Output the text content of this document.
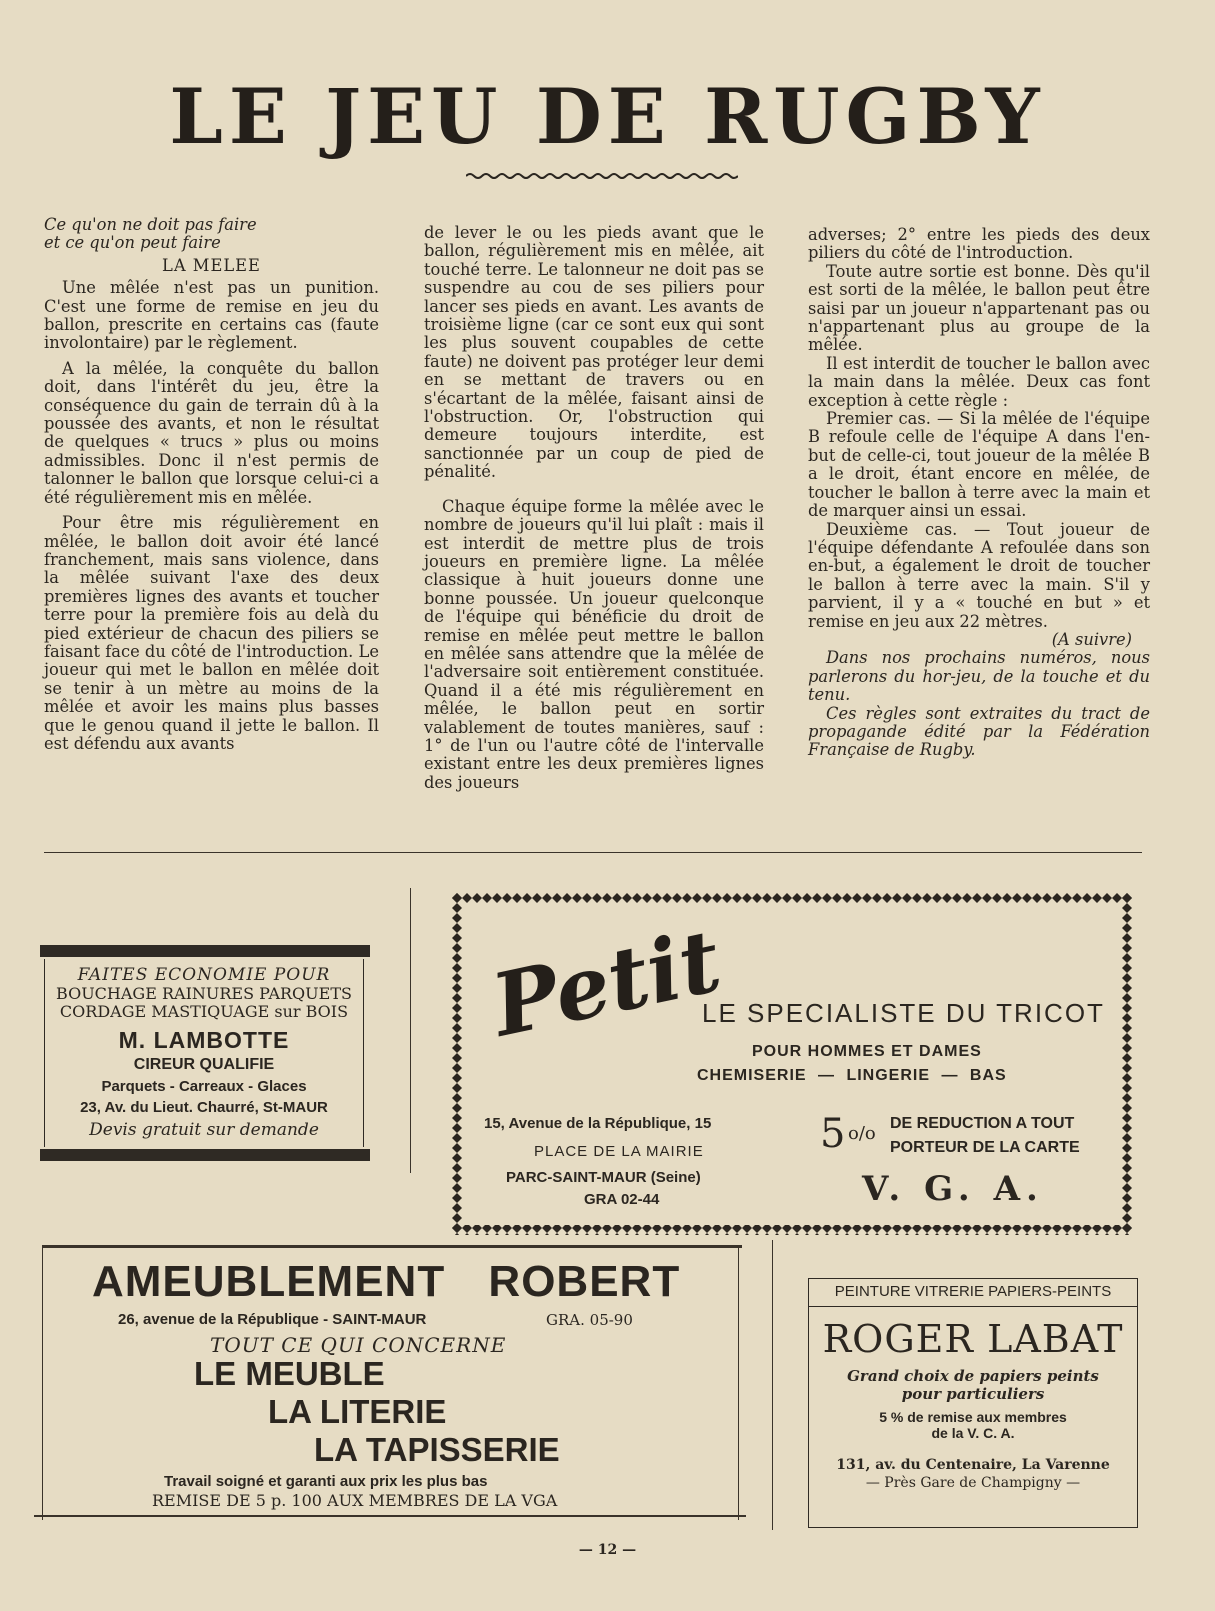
LE JEU DE RUGBY

Ce qu'on ne doit pas faire

et ce qu'on peut faire

LA MELEE

Une mêlée n'est pas un punition. C'est une forme de remise en jeu du ballon, prescrite en certains cas (faute involontaire) par le règlement.

A la mêlée, la conquête du ballon doit, dans l'intérêt du jeu, être la conséquence du gain de terrain dû à la poussée des avants, et non le résultat de quelques « trucs » plus ou moins admissibles. Donc il n'est permis de talonner le ballon que lorsque celui-ci a été régulièrement mis en mêlée.

Pour être mis régulièrement en mêlée, le ballon doit avoir été lancé franchement, mais sans violence, dans la mêlée suivant l'axe des deux premières lignes des avants et toucher terre pour la première fois au delà du pied extérieur de chacun des piliers se faisant face du côté de l'introduction. Le joueur qui met le ballon en mêlée doit se tenir à un mètre au moins de la mêlée et avoir les mains plus basses que le genou quand il jette le ballon. Il est défendu aux avants

de lever le ou les pieds avant que le ballon, régulièrement mis en mêlée, ait touché terre. Le talonneur ne doit pas se suspendre au cou de ses piliers pour lancer ses pieds en avant. Les avants de troisième ligne (car ce sont eux qui sont les plus souvent coupables de cette faute) ne doivent pas protéger leur demi en se mettant de travers ou en s'écartant de la mêlée, faisant ainsi de l'obstruction. Or, l'obstruction qui demeure toujours interdite, est sanctionnée par un coup de pied de pénalité.

Chaque équipe forme la mêlée avec le nombre de joueurs qu'il lui plaît : mais il est interdit de mettre plus de trois joueurs en première ligne. La mêlée classique à huit joueurs donne une bonne poussée. Un joueur quelconque de l'équipe qui bénéficie du droit de remise en mêlée peut mettre le ballon en mêlée sans attendre que la mêlée de l'adversaire soit entièrement constituée. Quand il a été mis régulièrement en mêlée, le ballon peut en sortir valablement de toutes manières, sauf : 1° de l'un ou l'autre côté de l'intervalle existant entre les deux premières lignes des joueurs

adverses; 2° entre les pieds des deux piliers du côté de l'introduction.

Toute autre sortie est bonne. Dès qu'il est sorti de la mêlée, le ballon peut être saisi par un joueur n'appartenant pas ou n'appartenant plus au groupe de la mêlée.

Il est interdit de toucher le ballon avec la main dans la mêlée. Deux cas font exception à cette règle :

Premier cas. — Si la mêlée de l'équipe B refoule celle de l'équipe A dans l'en-but de celle-ci, tout joueur de la mêlée B a le droit, étant encore en mêlée, de toucher le ballon à terre avec la main et de marquer ainsi un essai.

Deuxième cas. — Tout joueur de l'équipe défendante A refoulée dans son en-but, a également le droit de toucher le ballon à terre avec la main. S'il y parvient, il y a « touché en but » et remise en jeu aux 22 mètres.

(A suivre)

Dans nos prochains numéros, nous parlerons du hor-jeu, de la touche et du tenu.

Ces règles sont extraites du tract de propagande édité par la Fédération Française de Rugby.

FAITES ECONOMIE POUR
BOUCHAGE RAINURES PARQUETS
CORDAGE MASTIQUAGE sur BOIS
M. LAMBOTTE
CIREUR QUALIFIE
Parquets - Carreaux - Glaces
23, Av. du Lieut. Chaurré, St-MAUR
Devis gratuit sur demande
Petit
LE SPECIALISTE DU TRICOT
POUR HOMMES ET DAMES
CHEMISERIE — LINGERIE — BAS
15, Avenue de la République, 15
PLACE DE LA MAIRIE
PARC-SAINT-MAUR (Seine)
GRA 02-44
5 o/o DE REDUCTION A TOUT
PORTEUR DE LA CARTE
V. G. A.
AMEUBLEMENT ROBERT
26, avenue de la République - SAINT-MAUR	GRA. 05-90
TOUT CE QUI CONCERNE
LE MEUBLE
LA LITERIE
LA TAPISSERIE
Travail soigné et garanti aux prix les plus bas
REMISE DE 5 p. 100 AUX MEMBRES DE LA VGA
PEINTURE VITRERIE PAPIERS-PEINTS
ROGER LABAT
Grand choix de papiers peints
pour particuliers
5 % de remise aux membres
de la V. C. A.
131, av. du Centenaire, La Varenne
— Près Gare de Champigny —
— 12 —
